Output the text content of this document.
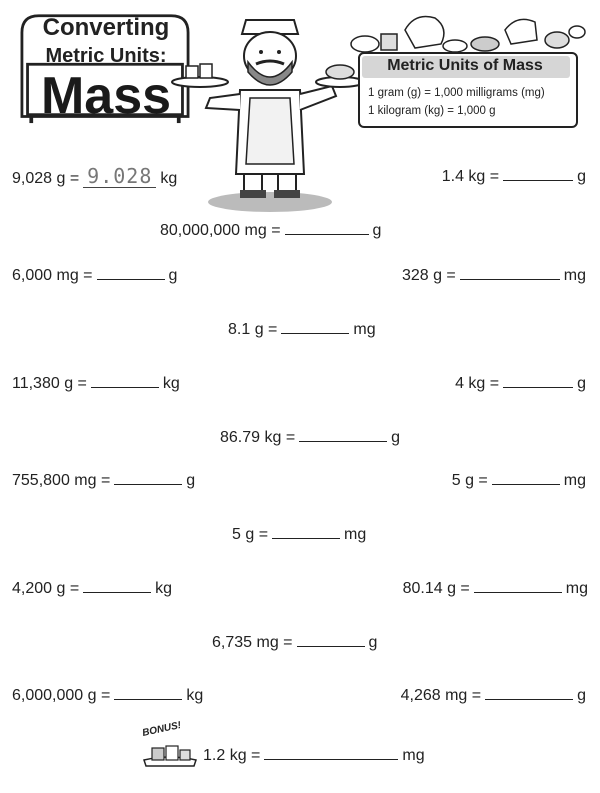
Converting
Metric Units:
Mass
Metric Units of Mass
1 gram (g) = 1,000 milligrams (mg)
1 kilogram (kg) = 1,000 g
9,028 g = 9.028 kg	1.4 kg =	g
80,000,000 mg =	g
6,000 mg =	g	328 g =	mg
8.1 g =	mg
11,380 g =	kg	4 kg =	g
86.79 kg =	g
755,800 mg =	g	5 g =	mg
5 g =	mg
4,200 g =	kg	80.14 g =	mg
6,735 mg =	g
6,000,000 g =	kg	4,268 mg =	g
BONUS!
1.2 kg =	mg
